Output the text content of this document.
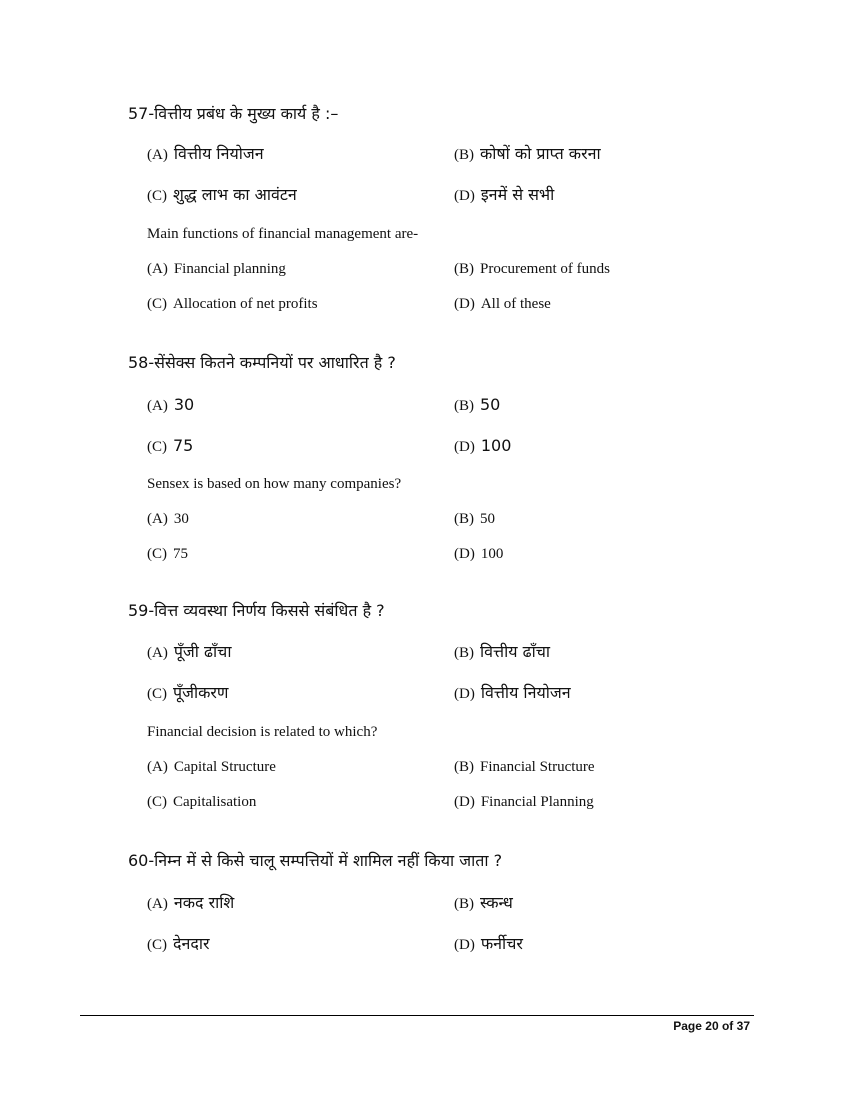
57-वित्तीय प्रबंध के मुख्य कार्य है :–
(A) वित्तीय नियोजन	(B) कोषों को प्राप्त करना
(C) शुद्ध लाभ का आवंटन	(D) इनमें से सभी
Main functions of financial management are-
(A) Financial planning	(B) Procurement of funds
(C) Allocation of net profits	(D) All of these
58-सेंसेक्स कितने कम्पनियों पर आधारित है ?
(A) 30	(B) 50
(C) 75	(D) 100
Sensex is based on how many companies?
(A) 30	(B) 50
(C) 75	(D) 100
59-वित्त व्यवस्था निर्णय किससे संबंधित है ?
(A) पूँजी ढाँचा	(B) वित्तीय ढाँचा
(C) पूँजीकरण	(D) वित्तीय नियोजन
Financial decision is related to which?
(A) Capital Structure	(B) Financial Structure
(C) Capitalisation	(D) Financial Planning
60-निम्न में से किसे चालू सम्पत्तियों में शामिल नहीं किया जाता ?
(A) नकद राशि	(B) स्कन्ध
(C) देनदार	(D) फर्नीचर
Page 20 of 37
